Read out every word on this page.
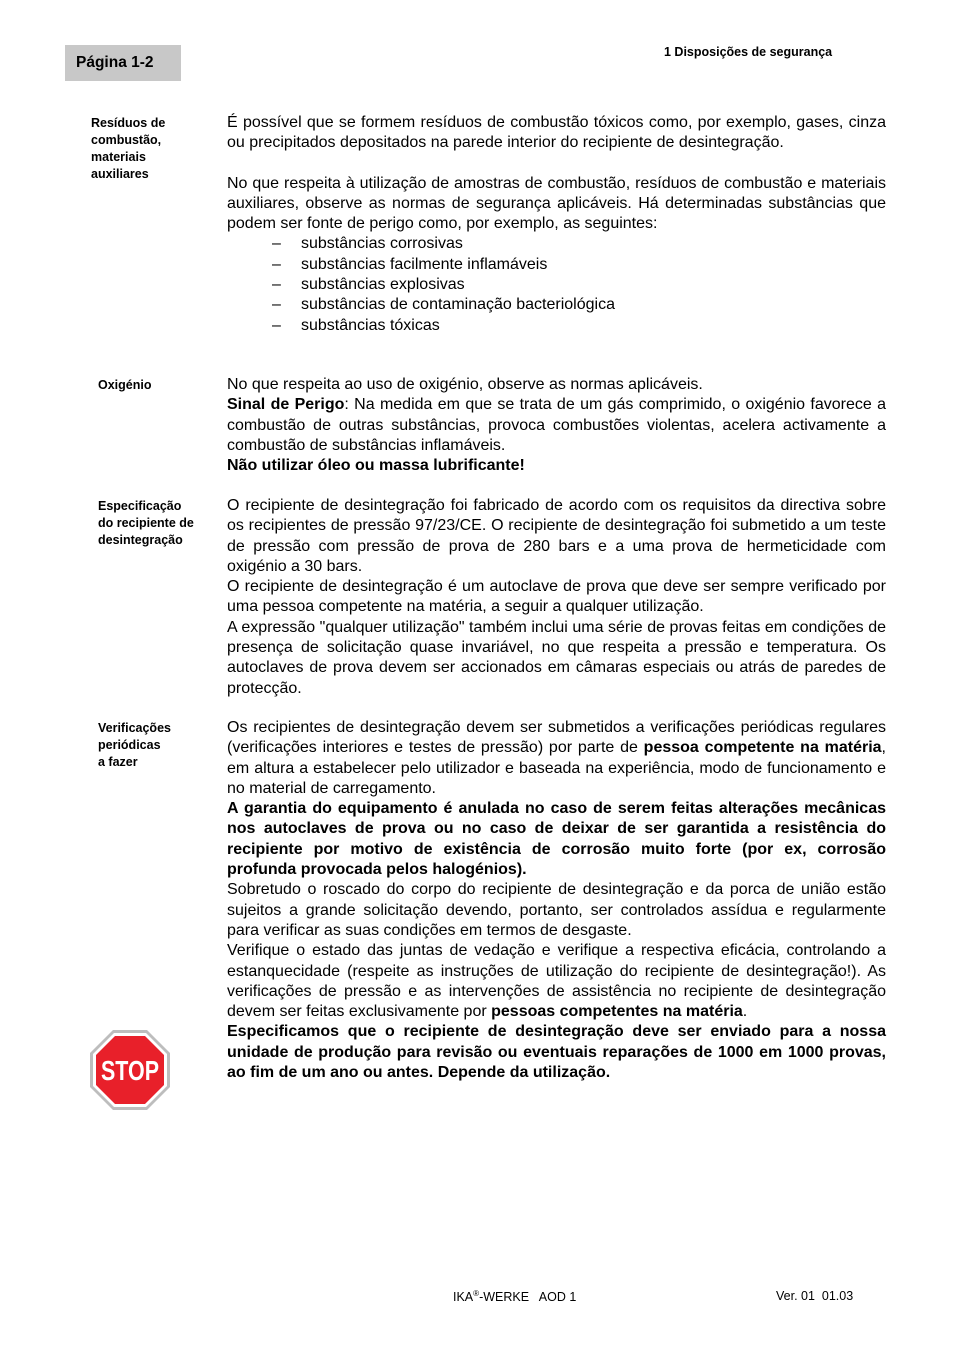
Página 1-2
1 Disposições de segurança
Resíduos de
combustão,
materiais
auxiliares

É possível que se formem resíduos de combustão tóxicos como, por exemplo, gases, cinza ou precipitados depositados na parede interior do recipiente de desintegração.

No que respeita à utilização de amostras de combustão, resíduos de combustão e materiais auxiliares, observe as normas de segurança aplicáveis. Há determinadas substâncias que podem ser fonte de perigo como, por exemplo, as seguintes:

– substâncias corrosivas
– substâncias facilmente inflamáveis
– substâncias explosivas
– substâncias de contaminação bacteriológica
– substâncias tóxicas
Oxigénio	No que respeita ao uso de oxigénio, observe as normas aplicáveis.

Sinal de Perigo: Na medida em que se trata de um gás comprimido, o oxigénio favorece a combustão de outras substâncias, provoca combustões violentas, acelera activamente a combustão de substâncias inflamáveis.

Não utilizar óleo ou massa lubrificante!

Especificação
do recipiente de
desintegração

O recipiente de desintegração foi fabricado de acordo com os requisitos da directiva sobre os recipientes de pressão 97/23/CE. O recipiente de desintegração foi submetido a um teste de pressão com pressão de prova de 280 bars e a uma prova de hermeticidade com oxigénio a 30 bars.

O recipiente de desintegração é um autoclave de prova que deve ser sempre verificado por uma pessoa competente na matéria, a seguir a qualquer utilização.

A expressão "qualquer utilização" também inclui uma série de provas feitas em condições de presença de solicitação quase invariável, no que respeita a pressão e temperatura. Os autoclaves de prova devem ser accionados em câmaras especiais ou atrás de paredes de protecção.

Verificações
periódicas
a fazer

Os recipientes de desintegração devem ser submetidos a verificações periódicas regulares (verificações interiores e testes de pressão) por parte de pessoa competente na matéria, em altura a estabelecer pelo utilizador e baseada na experiência, modo de funcionamento e no material de carregamento.

A garantia do equipamento é anulada no caso de serem feitas alterações mecânicas nos autoclaves de prova ou no caso de deixar de ser garantida a resistência do recipiente por motivo de existência de corrosão muito forte (por ex, corrosão profunda provocada pelos halogénios).

Sobretudo o roscado do corpo do recipiente de desintegração e da porca de união estão sujeitos a grande solicitação devendo, portanto, ser controlados assídua e regularmente para verificar as suas condições em termos de desgaste.

Verifique o estado das juntas de vedação e verifique a respectiva eficácia, controlando a estanquecidade (respeite as instruções de utilização do recipiente de desintegração!). As verificações de pressão e as intervenções de assistência no recipiente de desintegração devem ser feitas exclusivamente por pessoas competentes na matéria.

Especificamos que o recipiente de desintegração deve ser enviado para a nossa unidade de produção para revisão ou eventuais reparações de 1000 em 1000 provas, ao fim de um ano ou antes. Depende da utilização.

STOP
IKA®-WERKE   AOD 1	Ver. 01  01.03
